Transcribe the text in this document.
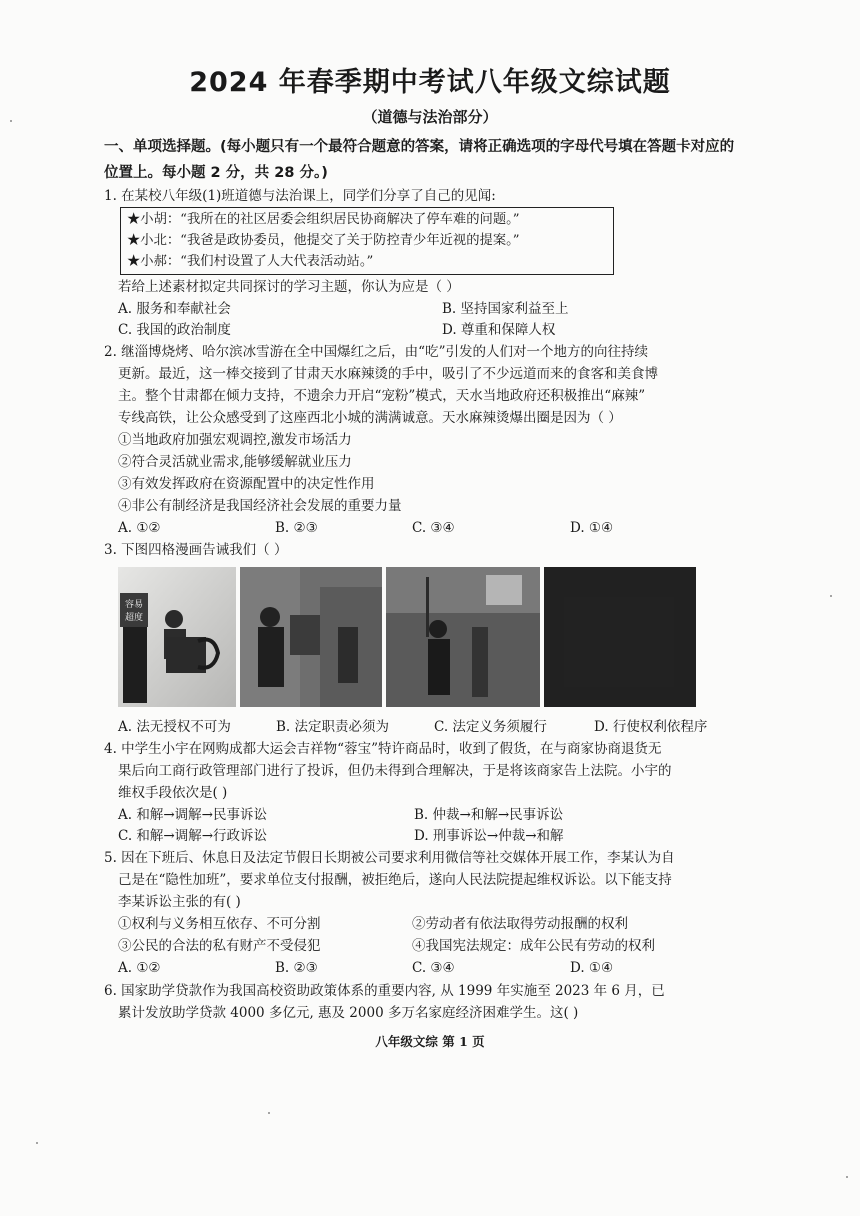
2024 年春季期中考试八年级文综试题
（道德与法治部分）
一、单项选择题。(每小题只有一个最符合题意的答案，请将正确选项的字母代号填在答题卡对应的位置上。每小题 2 分，共 28 分。)
1. 在某校八年级(1)班道德与法治课上，同学们分享了自己的见闻:
★小胡：“我所在的社区居委会组织居民协商解决了停车难的问题。”
★小北：“我爸是政协委员，他提交了关于防控青少年近视的提案。”
★小郝：“我们村设置了人大代表活动站。”
若给上述素材拟定共同探讨的学习主题，你认为应是（ ）
A. 服务和奉献社会	B. 坚持国家利益至上
C. 我国的政治制度	D. 尊重和保障人权
2. 继淄博烧烤、哈尔滨冰雪游在全中国爆红之后，由“吃”引发的人们对一个地方的向往持续
更新。最近，这一棒交接到了甘肃天水麻辣烫的手中，吸引了不少远道而来的食客和美食博
主。整个甘肃都在倾力支持，不遗余力开启“宠粉”模式，天水当地政府还积极推出“麻辣”
专线高铁，让公众感受到了这座西北小城的满满诚意。天水麻辣烫爆出圈是因为（ ）
①当地政府加强宏观调控,激发市场活力
②符合灵活就业需求,能够缓解就业压力
③有效发挥政府在资源配置中的决定性作用
④非公有制经济是我国经济社会发展的重要力量
A. ①②	B. ②③	C. ③④	D. ①④
3. 下图四格漫画告诫我们（ ）
容易
超度
A. 法无授权不可为	B. 法定职责必须为	C. 法定义务须履行	D. 行使权利依程序
4. 中学生小宇在网购成都大运会吉祥物“蓉宝”特许商品时，收到了假货，在与商家协商退货无
果后向工商行政管理部门进行了投诉，但仍未得到合理解决，于是将该商家告上法院。小宇的
维权手段依次是( )
A. 和解→调解→民事诉讼	B. 仲裁→和解→民事诉讼
C. 和解→调解→行政诉讼	D. 刑事诉讼→仲裁→和解
5. 因在下班后、休息日及法定节假日长期被公司要求利用微信等社交媒体开展工作，李某认为自
己是在“隐性加班”，要求单位支付报酬，被拒绝后，遂向人民法院提起维权诉讼。以下能支持
李某诉讼主张的有( )
①权利与义务相互依存、不可分割	②劳动者有依法取得劳动报酬的权利
③公民的合法的私有财产不受侵犯	④我国宪法规定：成年公民有劳动的权利
A. ①②	B. ②③	C. ③④	D. ①④
6. 国家助学贷款作为我国高校资助政策体系的重要内容, 从 1999 年实施至 2023 年 6 月，已
累计发放助学贷款 4000 多亿元, 惠及 2000 多万名家庭经济困难学生。这( )
八年级文综 第 1 页
